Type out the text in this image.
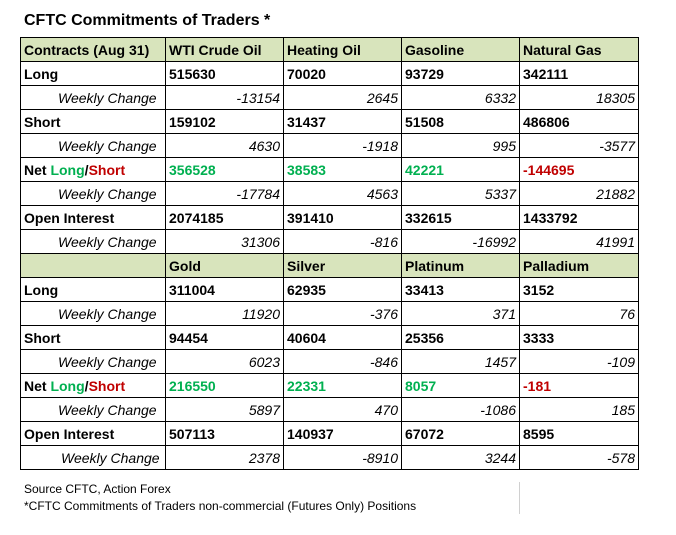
CFTC Commitments of Traders *
Contracts (Aug 31)	WTI Crude Oil	Heating Oil	Gasoline	Natural Gas
Long	515630	70020	93729	342111
Weekly Change	-13154	2645	6332	18305
Short	159102	31437	51508	486806
Weekly Change	4630	-1918	995	-3577
Net Long/Short	356528	38583	42221	-144695
Weekly Change	-17784	4563	5337	21882
Open Interest	2074185	391410	332615	1433792
Weekly Change	31306	-816	-16992	41991
	Gold	Silver	Platinum	Palladium
Long	311004	62935	33413	3152
Weekly Change	11920	-376	371	76
Short	94454	40604	25356	3333
Weekly Change	6023	-846	1457	-109
Net Long/Short	216550	22331	8057	-181
Weekly Change	5897	470	-1086	185
Open Interest	507113	140937	67072	8595
Weekly Change	2378	-8910	3244	-578
Source CFTC, Action Forex
*CFTC Commitments of Traders non-commercial (Futures Only) Positions
